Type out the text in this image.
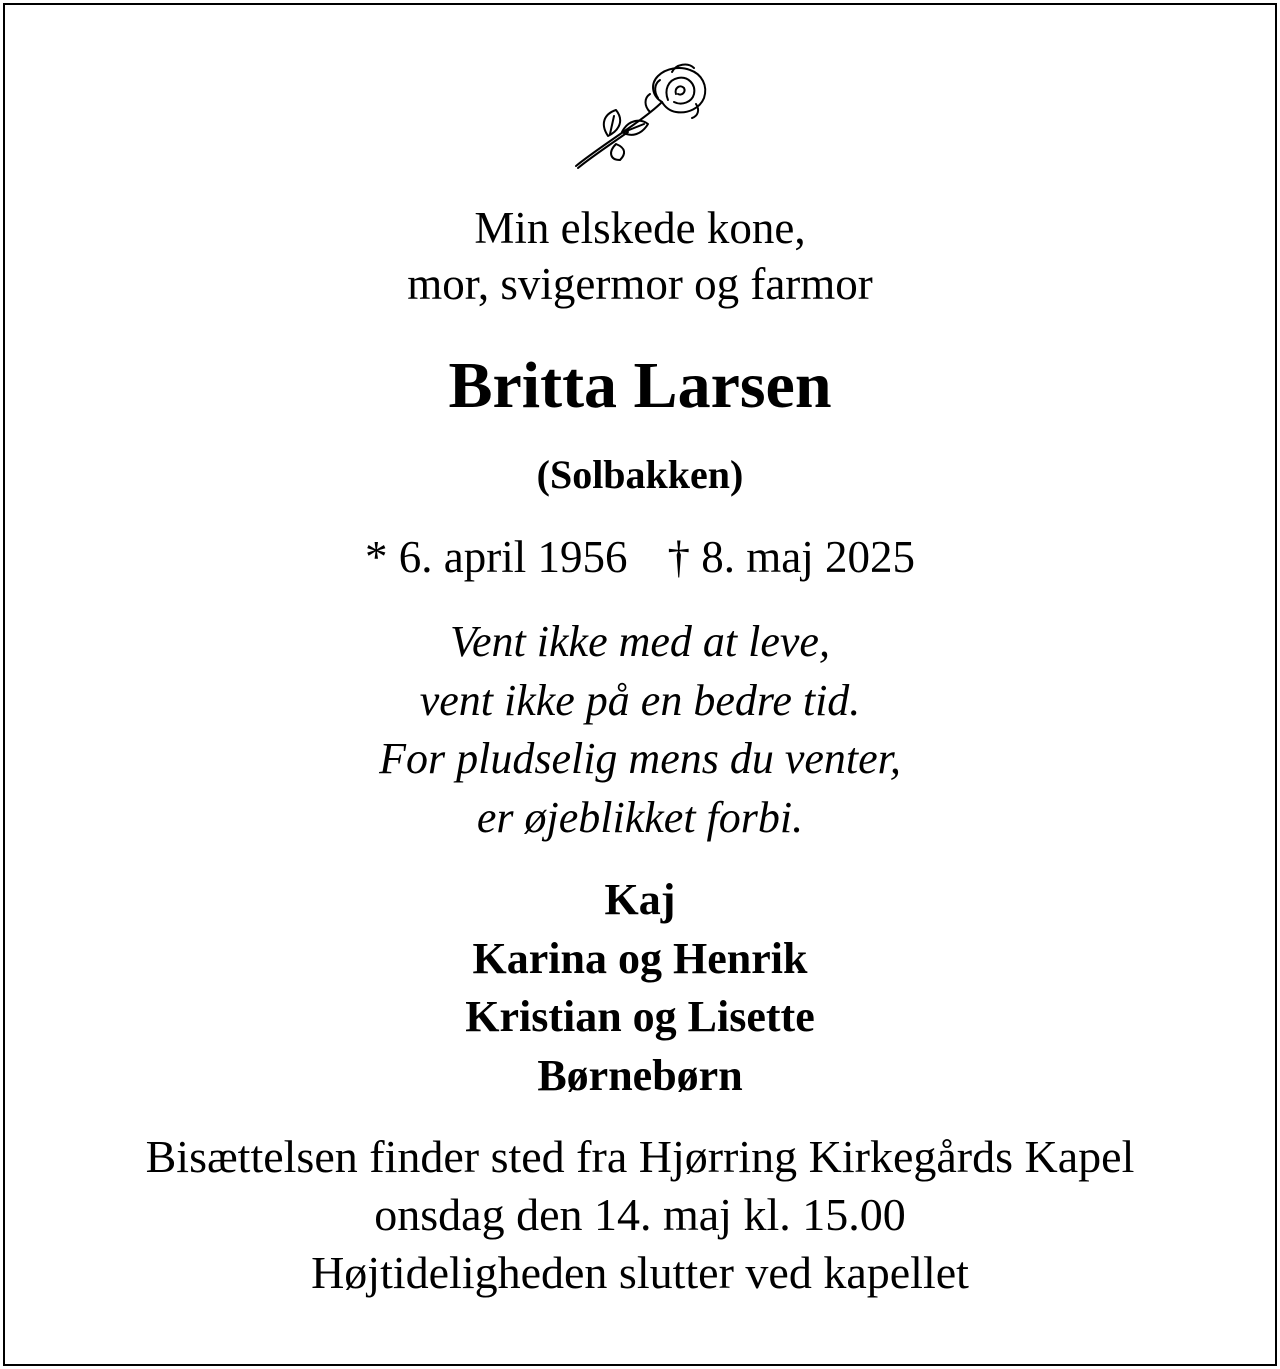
Min elskede kone,
mor, svigermor og farmor
Britta Larsen
(Solbakken)
* 6. april 1956 † 8. maj 2025
Vent ikke med at leve,
vent ikke på en bedre tid.
For pludselig mens du venter,
er øjeblikket forbi.
Kaj
Karina og Henrik
Kristian og Lisette
Børnebørn
Bisættelsen finder sted fra Hjørring Kirkegårds Kapel
onsdag den 14. maj kl. 15.00
Højtideligheden slutter ved kapellet
